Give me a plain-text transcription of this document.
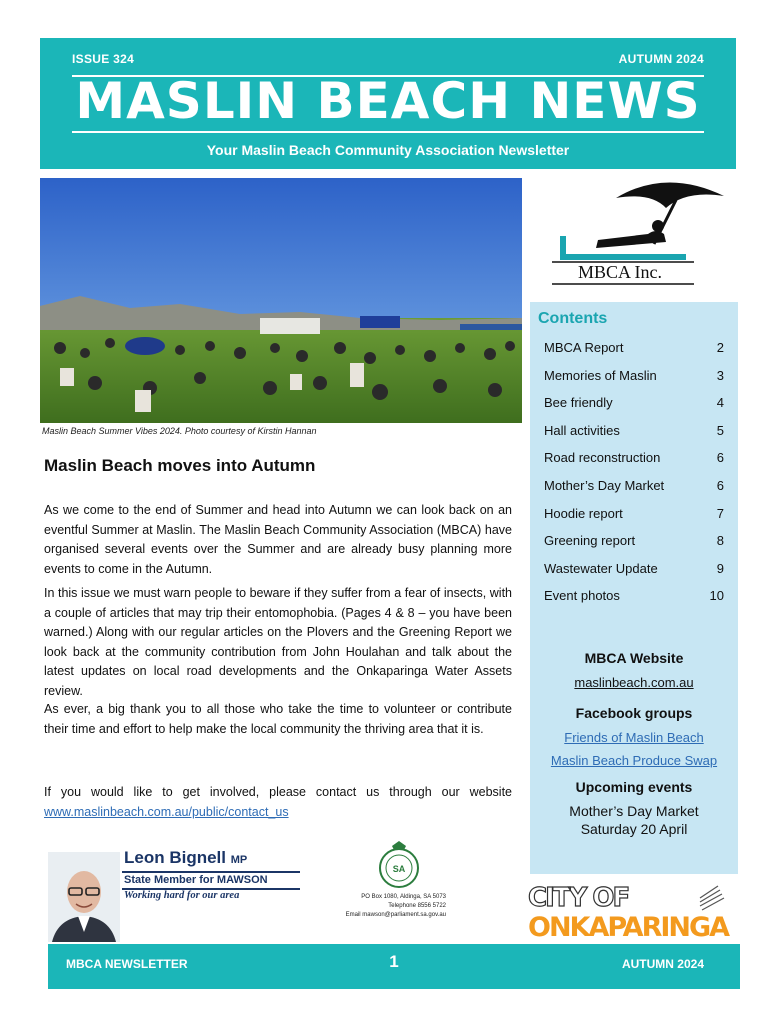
ISSUE 324	AUTUMN 2024
MASLIN BEACH NEWS
Your Maslin Beach Community Association Newsletter
Maslin Beach Summer Vibes 2024. Photo courtesy of Kirstin Hannan
MBCA Inc.
Contents
MBCA Report	2
Memories of Maslin	3
Bee friendly	4
Hall activities	5
Road reconstruction	6
Mother’s Day Market	6
Hoodie report	7
Greening report	8
Wastewater Update	9
Event photos	10
MBCA Website
maslinbeach.com.au
Facebook groups
Friends of Maslin Beach
Maslin Beach Produce Swap
Upcoming events
Mother’s Day Market
Saturday 20 April
Maslin Beach moves into Autumn
As we come to the end of Summer and head into Autumn we can look back on an eventful Summer at Maslin. The Maslin Beach Community Association (MBCA) have organised several events over the Summer and are already busy planning more events to come in the Autumn.
In this issue we must warn people to beware if they suffer from a fear of insects, with a couple of articles that may trip their entomophobia. (Pages 4 & 8 – you have been warned.) Along with our regular articles on the Plovers and the Greening Report we look back at the community contribution from John Houlahan and talk about the latest updates on local road developments and the Onkaparinga Water Assets review.
As ever, a big thank you to all those who take the time to volunteer or contribute their time and effort to help make the local community the thriving area that it is.
If you would like to get involved, please contact us through our website www.maslinbeach.com.au/public/contact_us
Leon Bignell MP
State Member for MAWSON
Working hard for our area
SA
PO Box 1080, Aldinga, SA 5073
Telephone 8556 5722
Email mawson@parliament.sa.gov.au
CITY OF
ONKAPARINGA
MBCA NEWSLETTER	1	AUTUMN 2024
